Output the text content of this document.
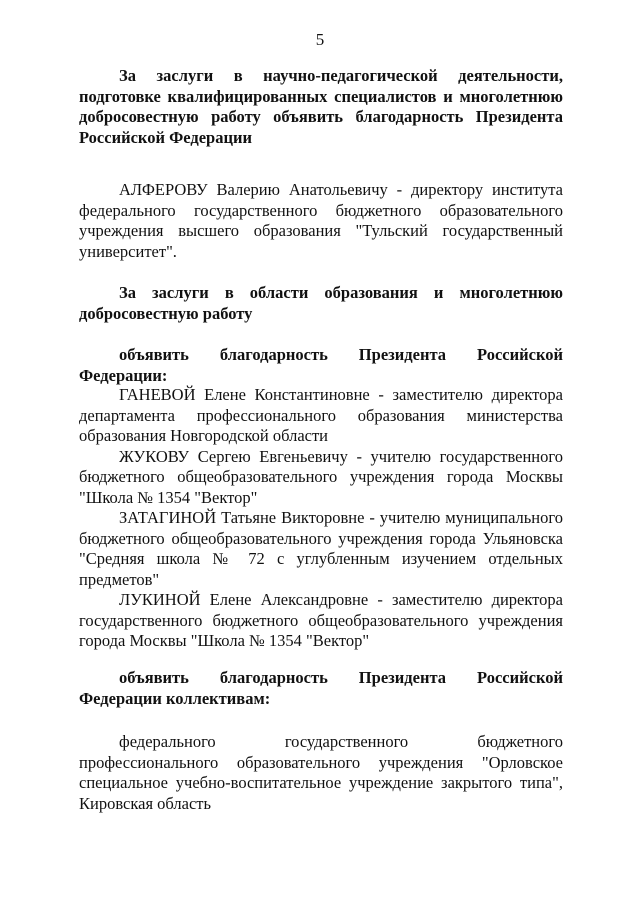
5

За заслуги в научно-педагогической деятельности, подготовке квалифицированных специалистов и многолетнюю добросовестную работу объявить благодарность Президента Российской Федерации

АЛФЕРОВУ Валерию Анатольевичу - директору института федерального государственного бюджетного образовательного учреждения высшего образования "Тульский государственный университет".

За заслуги в области образования и многолетнюю добросовестную работу

объявить благодарность Президента Российской Федерации:

ГАНЕВОЙ Елене Константиновне - заместителю директора департамента профессионального образования министерства образования Новгородской области

ЖУКОВУ Сергею Евгеньевичу - учителю государственного бюджетного общеобразовательного учреждения города Москвы "Школа № 1354 "Вектор"

ЗАТАГИНОЙ Татьяне Викторовне - учителю муниципального бюджетного общеобразовательного учреждения города Ульяновска "Средняя школа № 72 с углубленным изучением отдельных предметов"

ЛУКИНОЙ Елене Александровне - заместителю директора государственного бюджетного общеобразовательного учреждения города Москвы "Школа № 1354 "Вектор"

объявить благодарность Президента Российской Федерации коллективам:

федерального государственного бюджетного профессионального образовательного учреждения "Орловское специальное учебно-воспитательное учреждение закрытого типа", Кировская область
